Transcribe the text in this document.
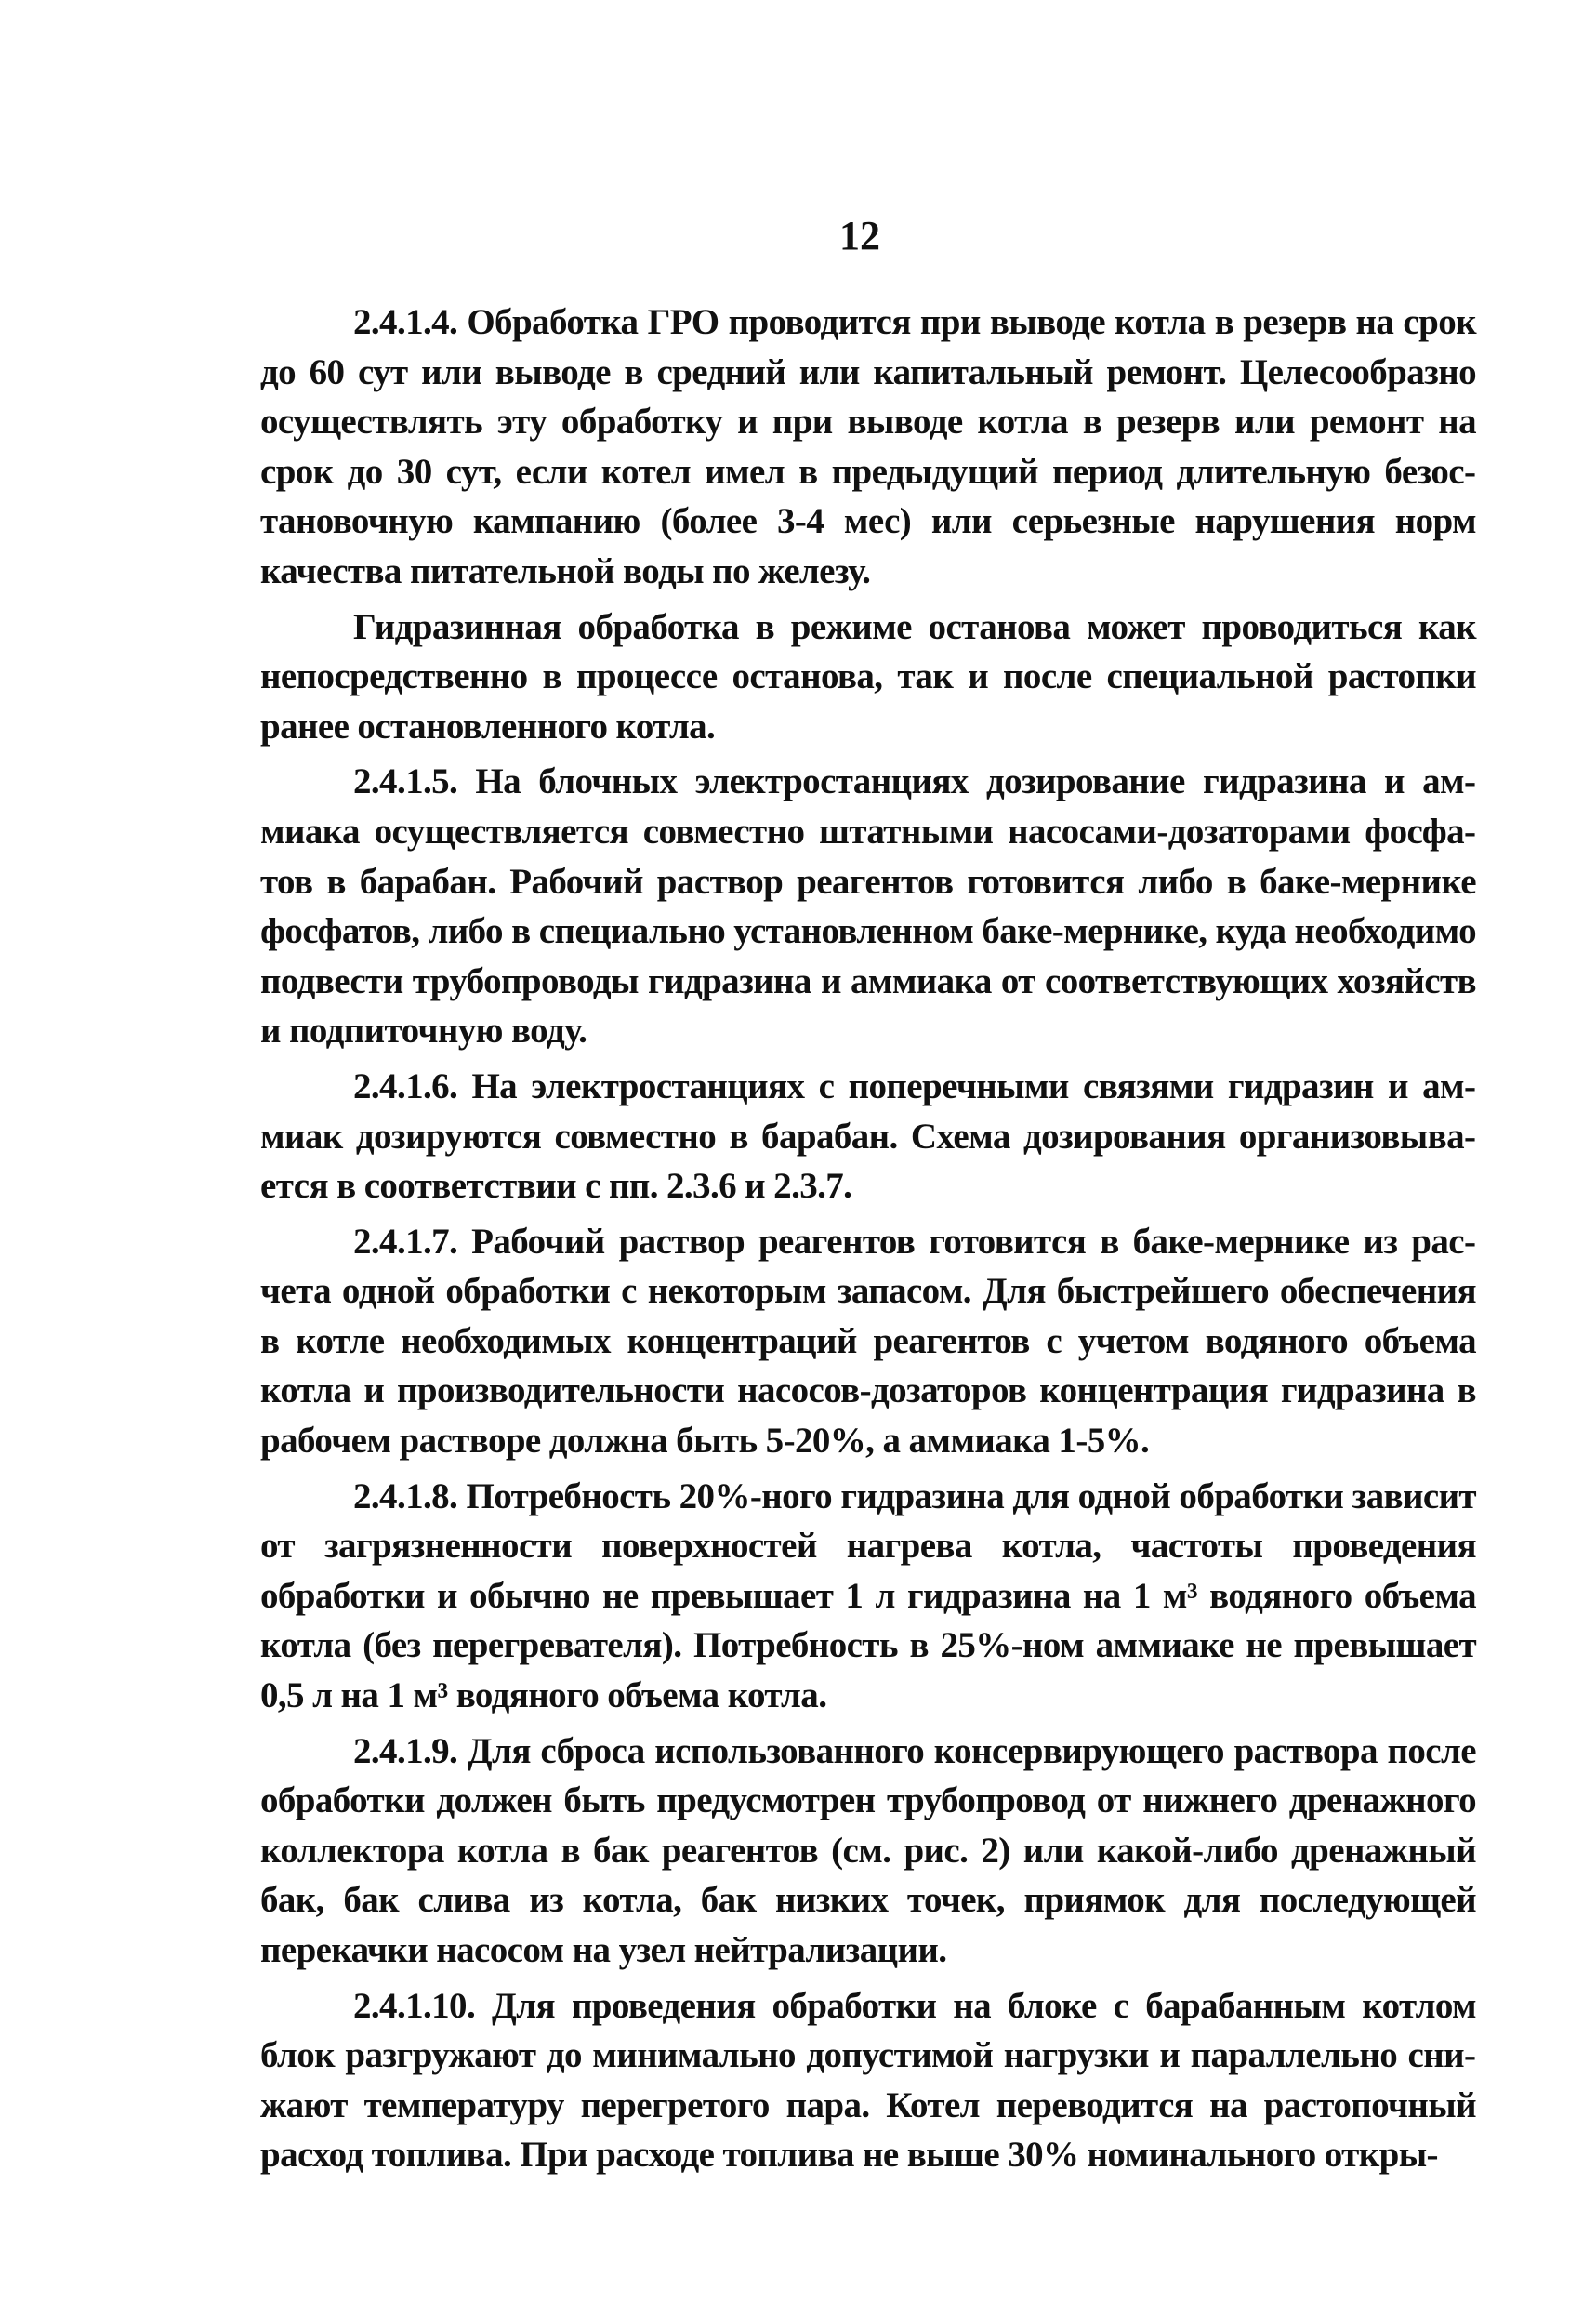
12

2.4.1.4. Обработка ГРО проводится при выводе котла в резерв на срок до 60 сут или выводе в средний или капитальный ремонт. Целесообразно осуществлять эту обработку и при выводе котла в резерв или ремонт на срок до 30 сут, если котел имел в предыдущий период длительную безостановочную кампанию (более 3-4 мес) или серьезные нарушения норм качества питательной воды по железу.

Гидразинная обработка в режиме останова может проводиться как непосредственно в процессе останова, так и после специальной растопки ранее остановленного котла.

2.4.1.5. На блочных электростанциях дозирование гидразина и аммиака осуществляется совместно штатными насосами-дозаторами фосфатов в барабан. Рабочий раствор реагентов готовится либо в баке-мернике фосфатов, либо в специально установленном баке-мернике, куда необходимо подвести трубопроводы гидразина и аммиака от соответствующих хозяйств и подпиточную воду.

2.4.1.6. На электростанциях с поперечными связями гидразин и аммиак дозируются совместно в барабан. Схема дозирования организовывается в соответствии с пп. 2.3.6 и 2.3.7.

2.4.1.7. Рабочий раствор реагентов готовится в баке-мернике из расчета одной обработки с некоторым запасом. Для быстрейшего обеспечения в котле необходимых концентраций реагентов с учетом водяного объема котла и производительности насосов-дозаторов концентрация гидразина в рабочем растворе должна быть 5-20%, а аммиака 1-5%.

2.4.1.8. Потребность 20%-ного гидразина для одной обработки зависит от загрязненности поверхностей нагрева котла, частоты проведения обработки и обычно не превышает 1 л гидразина на 1 м³ водяного объема котла (без перегревателя). Потребность в 25%-ном аммиаке не превышает 0,5 л на 1 м³ водяного объема котла.

2.4.1.9. Для сброса использованного консервирующего раствора после обработки должен быть предусмотрен трубопровод от нижнего дренажного коллектора котла в бак реагентов (см. рис. 2) или какой-либо дренажный бак, бак слива из котла, бак низких точек, приямок для последующей перекачки насосом на узел нейтрализации.

2.4.1.10. Для проведения обработки на блоке с барабанным котлом блок разгружают до минимально допустимой нагрузки и параллельно снижают температуру перегретого пара. Котел переводится на растопочный расход топлива. При расходе топлива не выше 30% номинального откры-
